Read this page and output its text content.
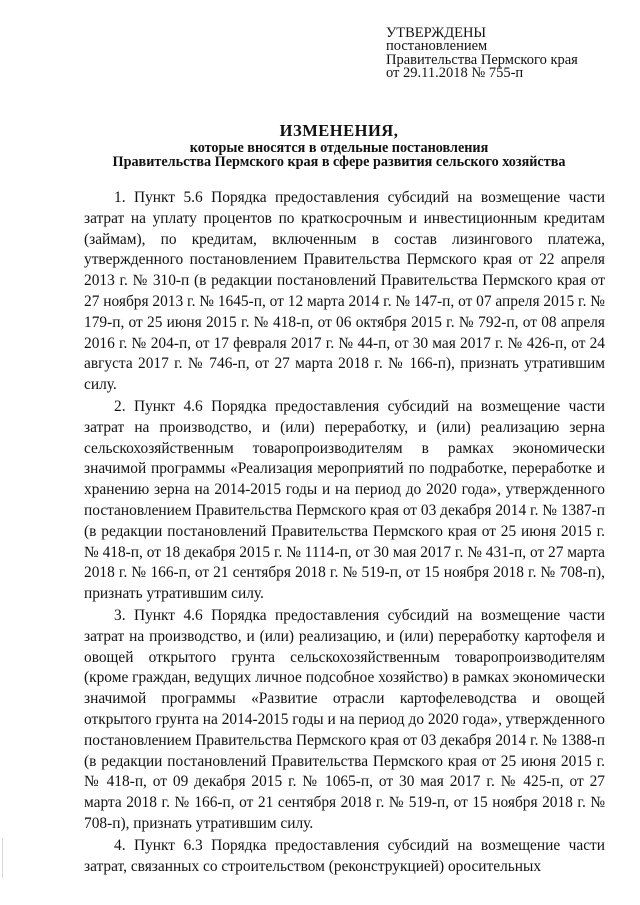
УТВЕРЖДЕНЫ
постановлением
Правительства Пермского края
от 29.11.2018 № 755-п
ИЗМЕНЕНИЯ,
которые вносятся в отдельные постановления
Правительства Пермского края в сфере развития сельского хозяйства

1. Пункт 5.6 Порядка предоставления субсидий на возмещение части затрат на уплату процентов по краткосрочным и инвестиционным кредитам (займам), по кредитам, включенным в состав лизингового платежа, утвержденного постановлением Правительства Пермского края от 22 апреля 2013 г. № 310-п (в редакции постановлений Правительства Пермского края от 27 ноября 2013 г. № 1645-п, от 12 марта 2014 г. № 147-п, от 07 апреля 2015 г. № 179-п, от 25 июня 2015 г. № 418-п, от 06 октября 2015 г. № 792-п, от 08 апреля 2016 г. № 204-п, от 17 февраля 2017 г. № 44-п, от 30 мая 2017 г. № 426-п, от 24 августа 2017 г. № 746-п, от 27 марта 2018 г. № 166-п), признать утратившим силу.

2. Пункт 4.6 Порядка предоставления субсидий на возмещение части затрат на производство, и (или) переработку, и (или) реализацию зерна сельскохозяйственным товаропроизводителям в рамках экономически значимой программы «Реализация мероприятий по подработке, переработке и хранению зерна на 2014-2015 годы и на период до 2020 года», утвержденного постановлением Правительства Пермского края от 03 декабря 2014 г. № 1387-п (в редакции постановлений Правительства Пермского края от 25 июня 2015 г. № 418-п, от 18 декабря 2015 г. № 1114-п, от 30 мая 2017 г. № 431-п, от 27 марта 2018 г. № 166-п, от 21 сентября 2018 г. № 519-п, от 15 ноября 2018 г. № 708-п), признать утратившим силу.

3. Пункт 4.6 Порядка предоставления субсидий на возмещение части затрат на производство, и (или) реализацию, и (или) переработку картофеля и овощей открытого грунта сельскохозяйственным товаропроизводителям (кроме граждан, ведущих личное подсобное хозяйство) в рамках экономически значимой программы «Развитие отрасли картофелеводства и овощей открытого грунта на 2014-2015 годы и на период до 2020 года», утвержденного постановлением Правительства Пермского края от 03 декабря 2014 г. № 1388-п (в редакции постановлений Правительства Пермского края от 25 июня 2015 г. № 418-п, от 09 декабря 2015 г. № 1065-п, от 30 мая 2017 г. № 425-п, от 27 марта 2018 г. № 166-п, от 21 сентября 2018 г. № 519-п, от 15 ноября 2018 г. № 708-п), признать утратившим силу.

4. Пункт 6.3 Порядка предоставления субсидий на возмещение части затрат, связанных со строительством (реконструкцией) оросительных
